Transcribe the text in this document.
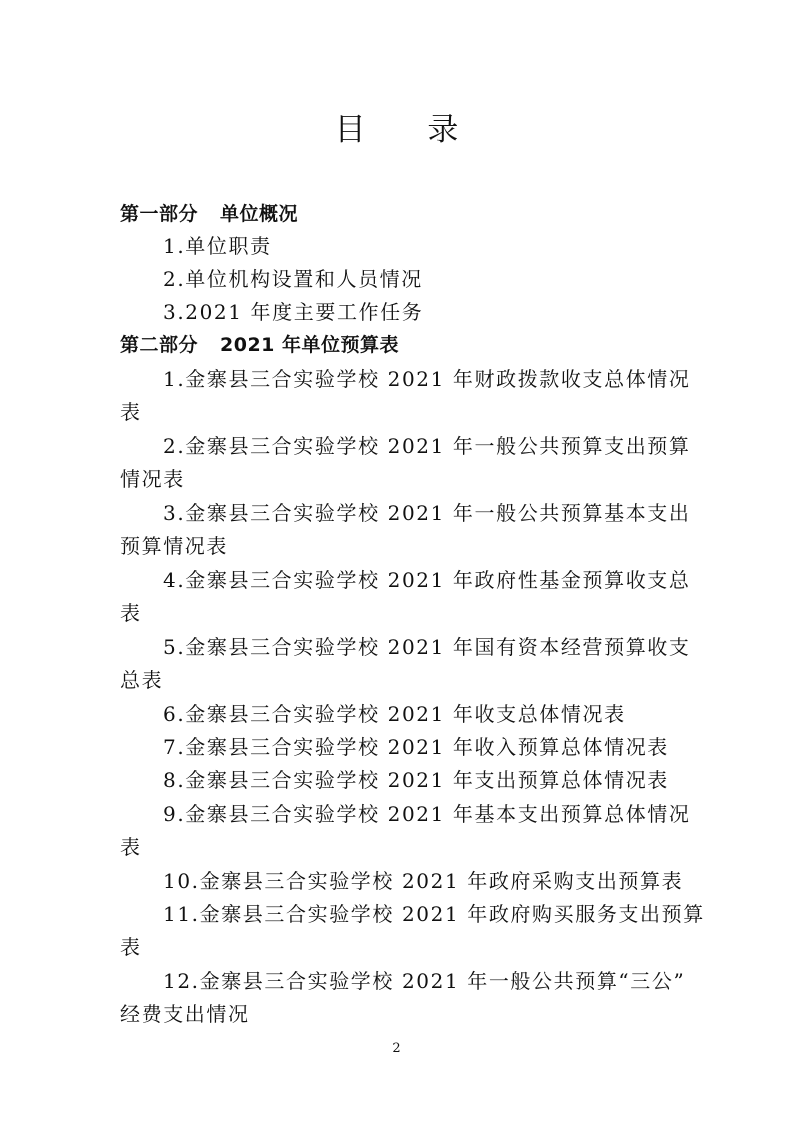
目 录
第一部分 单位概况
1.单位职责
2.单位机构设置和人员情况
3.2021 年度主要工作任务
第二部分 2021 年单位预算表
1.金寨县三合实验学校 2021 年财政拨款收支总体情况
表
2.金寨县三合实验学校 2021 年一般公共预算支出预算
情况表
3.金寨县三合实验学校 2021 年一般公共预算基本支出
预算情况表
4.金寨县三合实验学校 2021 年政府性基金预算收支总
表
5.金寨县三合实验学校 2021 年国有资本经营预算收支
总表
6.金寨县三合实验学校 2021 年收支总体情况表
7.金寨县三合实验学校 2021 年收入预算总体情况表
8.金寨县三合实验学校 2021 年支出预算总体情况表
9.金寨县三合实验学校 2021 年基本支出预算总体情况
表
10.金寨县三合实验学校 2021 年政府采购支出预算表
11.金寨县三合实验学校 2021 年政府购买服务支出预算
表
12.金寨县三合实验学校 2021 年一般公共预算“三公”
经费支出情况
2
